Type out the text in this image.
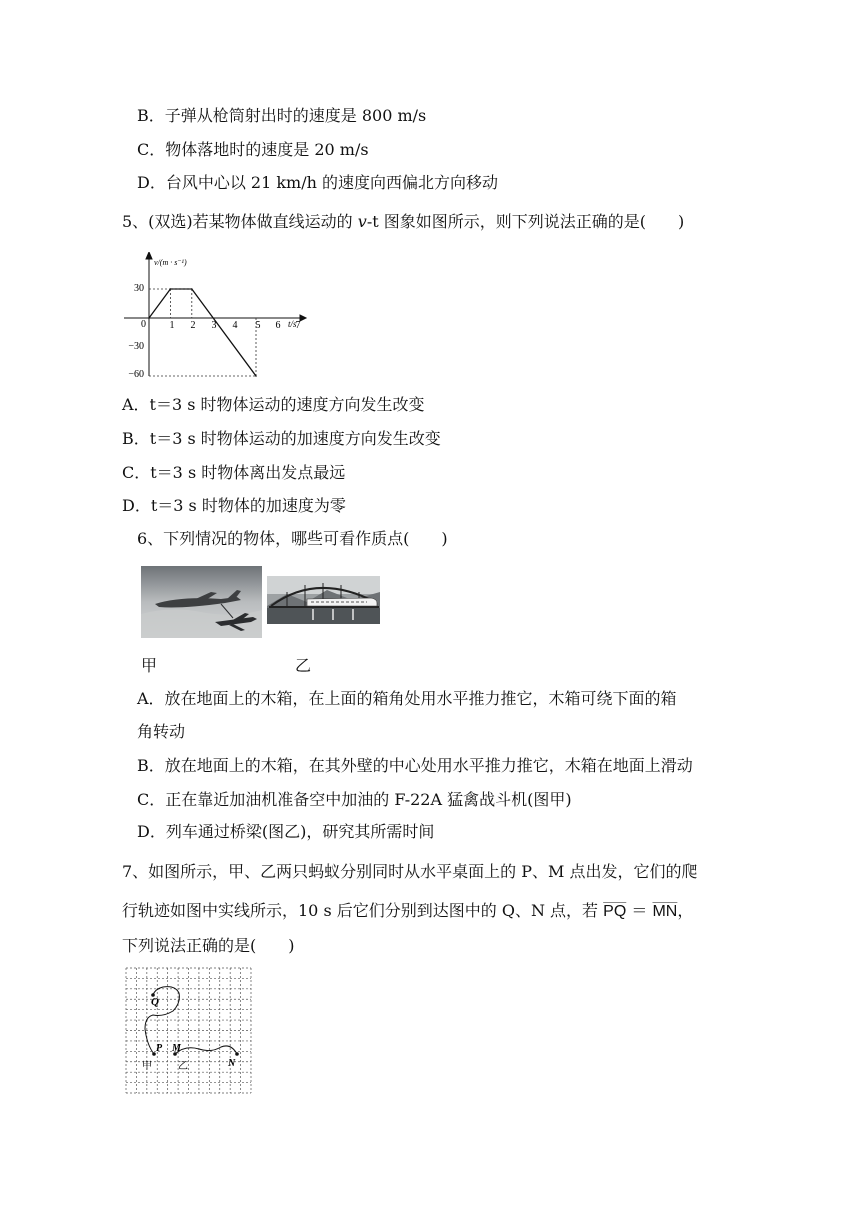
B．子弹从枪筒射出时的速度是 800 m/s
C．物体落地时的速度是 20 m/s
D．台风中心以 21 km/h 的速度向西偏北方向移动
5、(双选)若某物体做直线运动的 v-t 图象如图所示，则下列说法正确的是(　　)
v/(m · s⁻¹)
t/s
30
−30
−60
0 1 2 3 4 5 6 7
A．t＝3 s 时物体运动的速度方向发生改变
B．t＝3 s 时物体运动的加速度方向发生改变
C．t＝3 s 时物体离出发点最远
D．t＝3 s 时物体的加速度为零
6、下列情况的物体，哪些可看作质点(　　)
甲	乙
A．放在地面上的木箱，在上面的箱角处用水平推力推它，木箱可绕下面的箱
角转动
B．放在地面上的木箱，在其外壁的中心处用水平推力推它，木箱在地面上滑动
C．正在靠近加油机准备空中加油的 F-22A 猛禽战斗机(图甲)
D．列车通过桥梁(图乙)，研究其所需时间
7、如图所示，甲、乙两只蚂蚁分别同时从水平桌面上的 P、M 点出发，它们的爬
行轨迹如图中实线所示，10 s 后它们分别到达图中的 Q、N 点，若 $\overline{PQ} = \overline{MN}$，
下列说法正确的是(　　)
Q
P M
N
甲	乙
